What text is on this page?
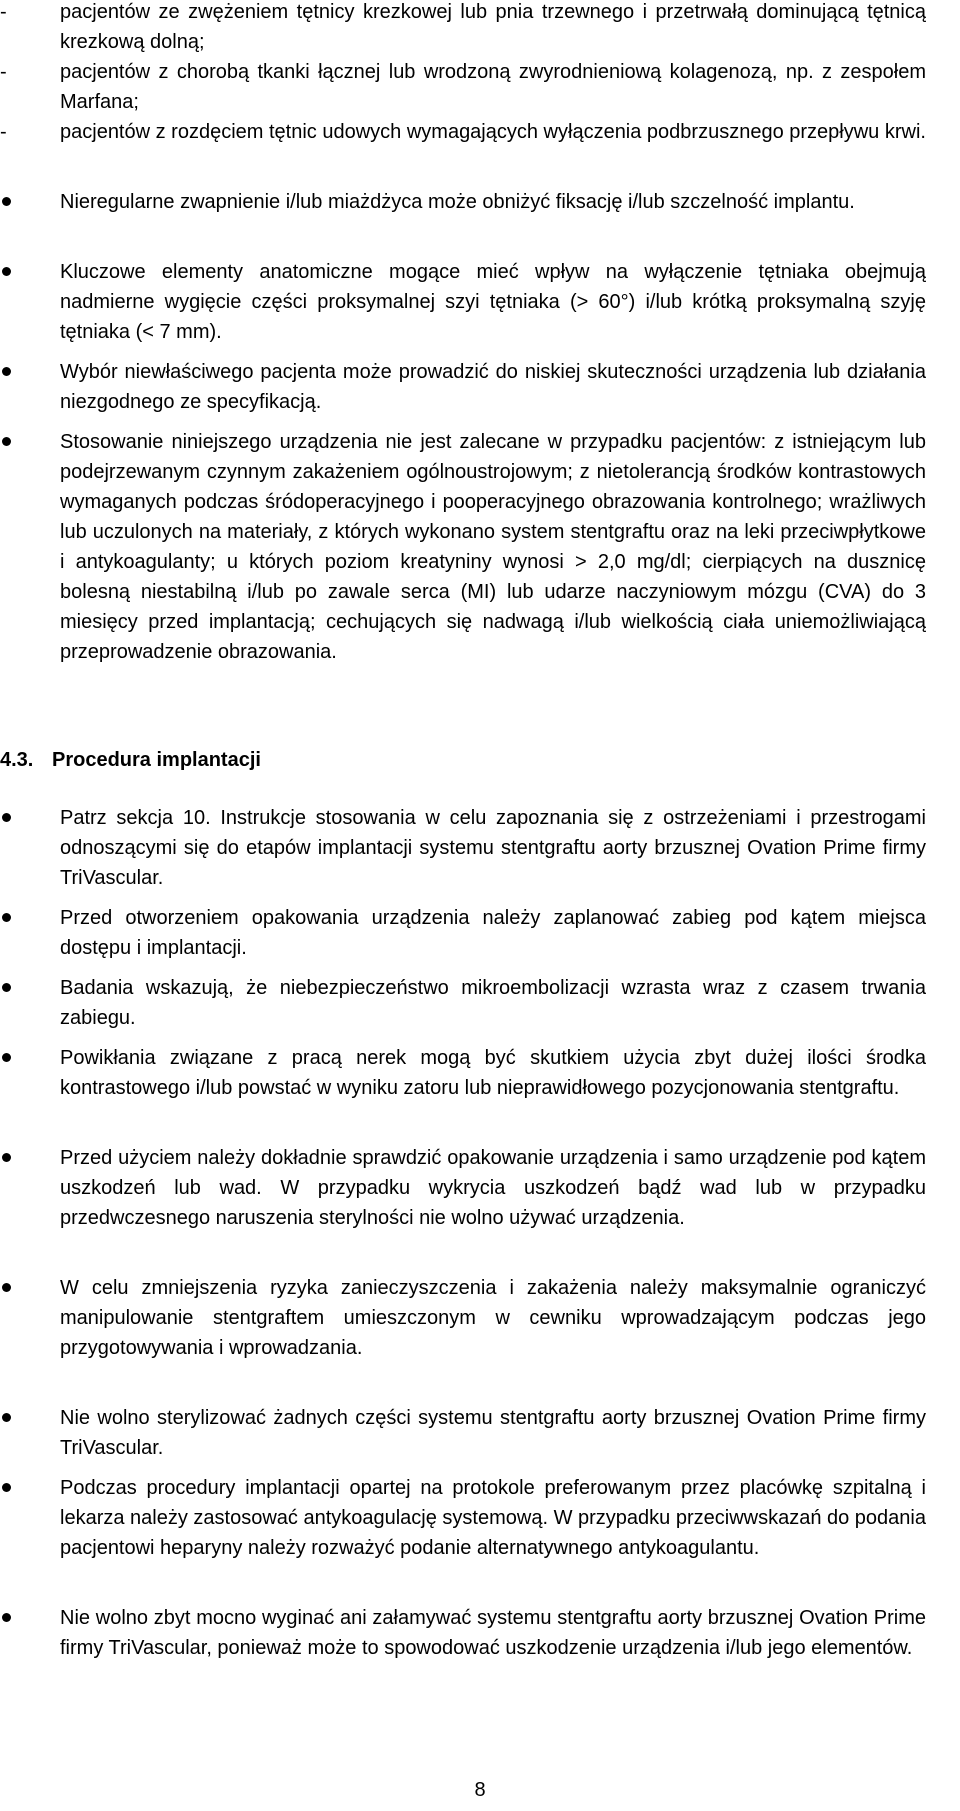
-	pacjentów ze zwężeniem tętnicy krezkowej lub pnia trzewnego i przetrwałą dominującą tętnicą krezkową dolną;

-	pacjentów z chorobą tkanki łącznej lub wrodzoną zwyrodnieniową kolagenozą, np. z zespołem Marfana;

-	pacjentów z rozdęciem tętnic udowych wymagających wyłączenia podbrzusznego przepływu krwi.

Nieregularne zwapnienie i/lub miażdżyca może obniżyć fiksację i/lub szczelność implantu.

Kluczowe elementy anatomiczne mogące mieć wpływ na wyłączenie tętniaka obejmują nadmierne wygięcie części proksymalnej szyi tętniaka (> 60°) i/lub krótką proksymalną szyję tętniaka (< 7 mm).

Wybór niewłaściwego pacjenta może prowadzić do niskiej skuteczności urządzenia lub działania niezgodnego ze specyfikacją.

Stosowanie niniejszego urządzenia nie jest zalecane w przypadku pacjentów: z istniejącym lub podejrzewanym czynnym zakażeniem ogólnoustrojowym; z nietolerancją środków kontrastowych wymaganych podczas śródoperacyjnego i pooperacyjnego obrazowania kontrolnego; wrażliwych lub uczulonych na materiały, z których wykonano system stentgraftu oraz na leki przeciwpłytkowe i antykoagulanty; u których poziom kreatyniny wynosi > 2,0 mg/dl; cierpiących na dusznicę bolesną niestabilną i/lub po zawale serca (MI) lub udarze naczyniowym mózgu (CVA) do 3 miesięcy przed implantacją; cechujących się nadwagą i/lub wielkością ciała uniemożliwiającą przeprowadzenie obrazowania.

4.3. Procedura implantacji

Patrz sekcja 10. Instrukcje stosowania w celu zapoznania się z ostrzeżeniami i przestrogami odnoszącymi się do etapów implantacji systemu stentgraftu aorty brzusznej Ovation Prime firmy TriVascular.

Przed otworzeniem opakowania urządzenia należy zaplanować zabieg pod kątem miejsca dostępu i implantacji.

Badania wskazują, że niebezpieczeństwo mikroembolizacji wzrasta wraz z czasem trwania zabiegu.

Powikłania związane z pracą nerek mogą być skutkiem użycia zbyt dużej ilości środka kontrastowego i/lub powstać w wyniku zatoru lub nieprawidłowego pozycjonowania stentgraftu.

Przed użyciem należy dokładnie sprawdzić opakowanie urządzenia i samo urządzenie pod kątem uszkodzeń lub wad. W przypadku wykrycia uszkodzeń bądź wad lub w przypadku przedwczesnego naruszenia sterylności nie wolno używać urządzenia.

W celu zmniejszenia ryzyka zanieczyszczenia i zakażenia należy maksymalnie ograniczyć manipulowanie stentgraftem umieszczonym w cewniku wprowadzającym podczas jego przygotowywania i wprowadzania.

Nie wolno sterylizować żadnych części systemu stentgraftu aorty brzusznej Ovation Prime firmy TriVascular.

Podczas procedury implantacji opartej na protokole preferowanym przez placówkę szpitalną i lekarza należy zastosować antykoagulację systemową. W przypadku przeciwwskazań do podania pacjentowi heparyny należy rozważyć podanie alternatywnego antykoagulantu.

Nie wolno zbyt mocno wyginać ani załamywać systemu stentgraftu aorty brzusznej Ovation Prime firmy TriVascular, ponieważ może to spowodować uszkodzenie urządzenia i/lub jego elementów.

8
